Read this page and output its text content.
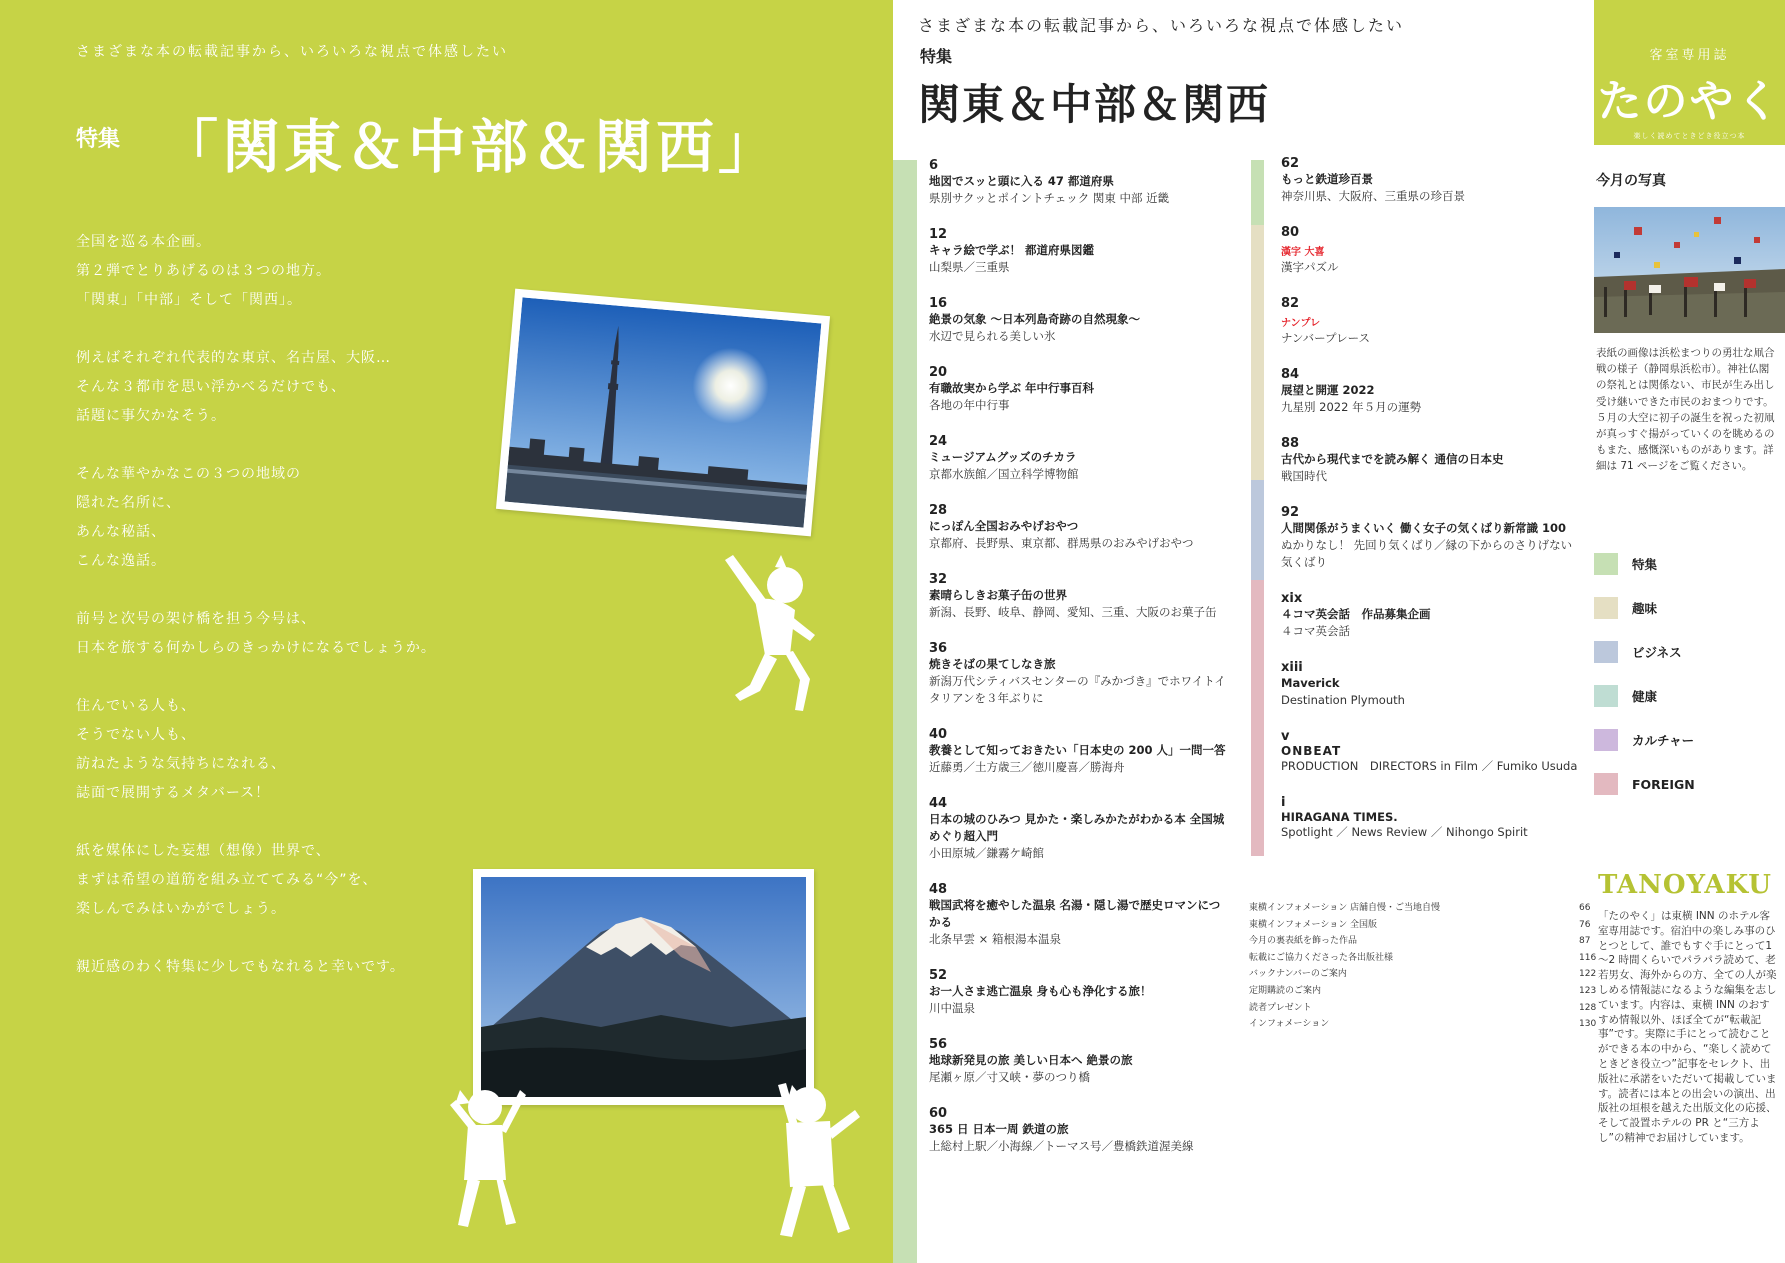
さまざまな本の転載記事から、いろいろな視点で体感したい
特集 「関東＆中部＆関西」
全国を巡る本企画。
第２弾でとりあげるのは３つの地方。
「関東」「中部」そして「関西」。
例えばそれぞれ代表的な東京、名古屋、大阪…
そんな３都市を思い浮かべるだけでも、
話題に事欠かなそう。
そんな華やかなこの３つの地域の
隠れた名所に、
あんな秘話、
こんな逸話。
前号と次号の架け橋を担う今号は、
日本を旅する何かしらのきっかけになるでしょうか。
住んでいる人も、
そうでない人も、
訪ねたような気持ちになれる、
誌面で展開するメタバース！
紙を媒体にした妄想（想像）世界で、
まずは希望の道筋を組み立ててみる“今”を、
楽しんでみはいかがでしょう。
親近感のわく特集に少しでもなれると幸いです。
さまざまな本の転載記事から、いろいろな視点で体感したい
特集
関東＆中部＆関西
6
地図でスッと頭に入る 47 都道府県
県別サクッとポイントチェック 関東 中部 近畿
12
キャラ絵で学ぶ！ 都道府県図鑑
山梨県／三重県
16
絶景の気象 ～日本列島奇跡の自然現象～
水辺で見られる美しい氷
20
有職故実から学ぶ 年中行事百科
各地の年中行事
24
ミュージアムグッズのチカラ
京都水族館／国立科学博物館
28
にっぽん全国おみやげおやつ
京都府、長野県、東京都、群馬県のおみやげおやつ
32
素晴らしきお菓子缶の世界
新潟、長野、岐阜、静岡、愛知、三重、大阪のお菓子缶
36
焼きそばの果てしなき旅
新潟万代シティバスセンターの『みかづき』でホワイトイタリアンを３年ぶりに
40
教養として知っておきたい「日本史の 200 人」一問一答
近藤勇／土方歳三／徳川慶喜／勝海舟
44
日本の城のひみつ 見かた・楽しみかたがわかる本 全国城めぐり超入門
小田原城／鎌霧ケ崎館
48
戦国武将を癒やした温泉 名湯・隠し湯で歴史ロマンにつかる
北条早雲 × 箱根湯本温泉
52
お一人さま逃亡温泉 身も心も浄化する旅！
川中温泉
56
地球新発見の旅 美しい日本へ 絶景の旅
尾瀬ヶ原／寸又峡・夢のつり橋
60
365 日 日本一周 鉄道の旅
上総村上駅／小海線／トーマス号／豊橋鉄道渥美線
62
もっと鉄道珍百景
神奈川県、大阪府、三重県の珍百景
80
漢字 大喜
漢字パズル
82
ナンプレ
ナンバープレース
84
展望と開運 2022
九星別 2022 年５月の運勢
88
古代から現代までを読み解く 通信の日本史
戦国時代
92
人間関係がうまくいく 働く女子の気くばり新常識 100
ぬかりなし！ 先回り気くばり／縁の下からのさりげない気くばり
xix
４コマ英会話　作品募集企画
４コマ英会話
xiii
Maverick
Destination Plymouth
v
ONBEAT
PRODUCTION　DIRECTORS in Film ／ Fumiko Usuda
i
HIRAGANA TIMES.
Spotlight ／ News Review ／ Nihongo Spirit
東横インフォメーション 店舗自慢・ご当地自慢	66
東横インフォメーション 全国版	76
今月の裏表紙を飾った作品	87
転載にご協力くださった各出版社様	116
バックナンバーのご案内	122
定期購読のご案内	123
読者プレゼント	128
インフォメーション	130
客室専用誌
たのやく
楽しく読めてときどき役立つ本
今月の写真
表紙の画像は浜松まつりの勇壮な凧合戦の様子（静岡県浜松市）。神社仏閣の祭礼とは関係ない、市民が生み出し受け継いできた市民のおまつりです。５月の大空に初子の誕生を祝った初凧が真っすぐ揚がっていくのを眺めるのもまた、感慨深いものがあります。詳細は 71 ページをご覧ください。
特集
趣味
ビジネス
健康
カルチャー
FOREIGN
TANOYAKU
「たのやく」は東横 INN のホテル客室専用誌です。宿泊中の楽しみ事のひとつとして、誰でもすぐ手にとって1～2 時間くらいでパラパラ読めて、老若男女、海外からの方、全ての人が楽しめる情報誌になるような編集を志しています。内容は、東横 INN のおすすめ情報以外、ほぼ全てが“転載記事”です。実際に手にとって読むことができる本の中から、“楽しく読めてときどき役立つ”記事をセレクト、出版社に承諾をいただいて掲載しています。読者には本との出会いの演出、出版社の垣根を越えた出版文化の応援、そして設置ホテルの PR と“三方よし”の精神でお届けしています。
